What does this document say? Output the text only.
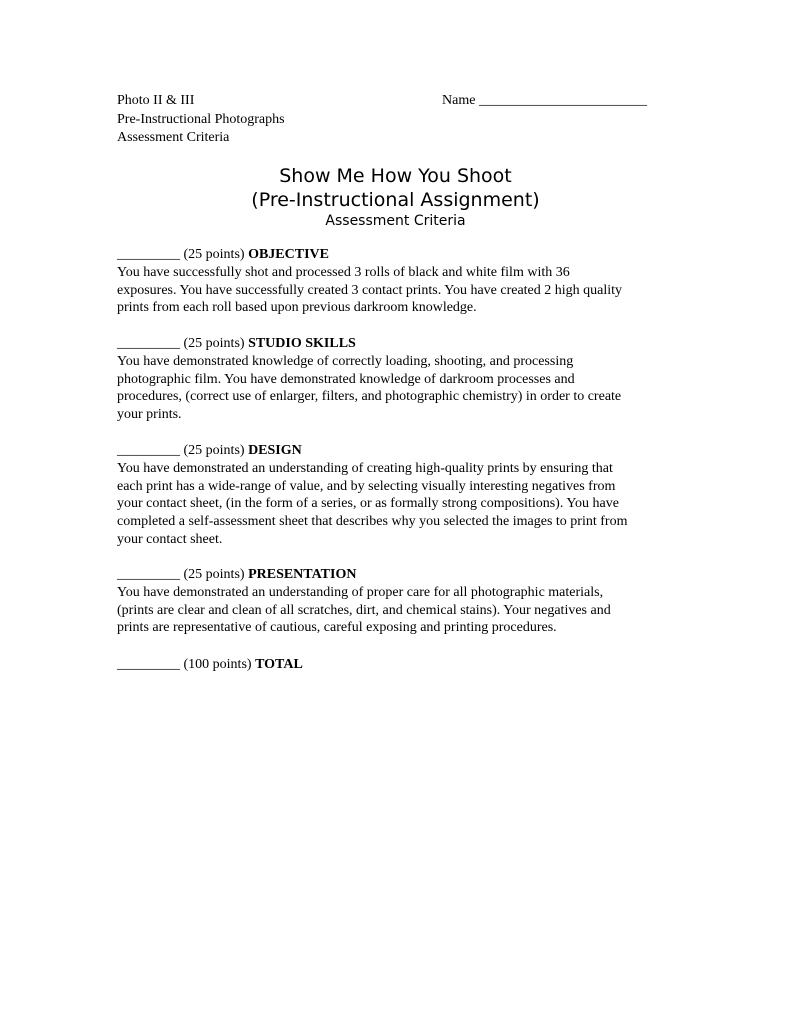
Photo II & III
Pre-Instructional Photographs
Assessment Criteria
Name ________________________
Show Me How You Shoot
(Pre-Instructional Assignment)
Assessment Criteria
_________ (25 points) OBJECTIVE
You have successfully shot and processed 3 rolls of black and white film with 36
exposures. You have successfully created 3 contact prints. You have created 2 high quality
prints from each roll based upon previous darkroom knowledge.
_________ (25 points) STUDIO SKILLS
You have demonstrated knowledge of correctly loading, shooting, and processing
photographic film. You have demonstrated knowledge of darkroom processes and
procedures, (correct use of enlarger, filters, and photographic chemistry) in order to create
your prints.
_________ (25 points) DESIGN
You have demonstrated an understanding of creating high-quality prints by ensuring that
each print has a wide-range of value, and by selecting visually interesting negatives from
your contact sheet, (in the form of a series, or as formally strong compositions). You have
completed a self-assessment sheet that describes why you selected the images to print from
your contact sheet.
_________ (25 points) PRESENTATION
You have demonstrated an understanding of proper care for all photographic materials,
(prints are clear and clean of all scratches, dirt, and chemical stains). Your negatives and
prints are representative of cautious, careful exposing and printing procedures.
_________ (100 points) TOTAL
